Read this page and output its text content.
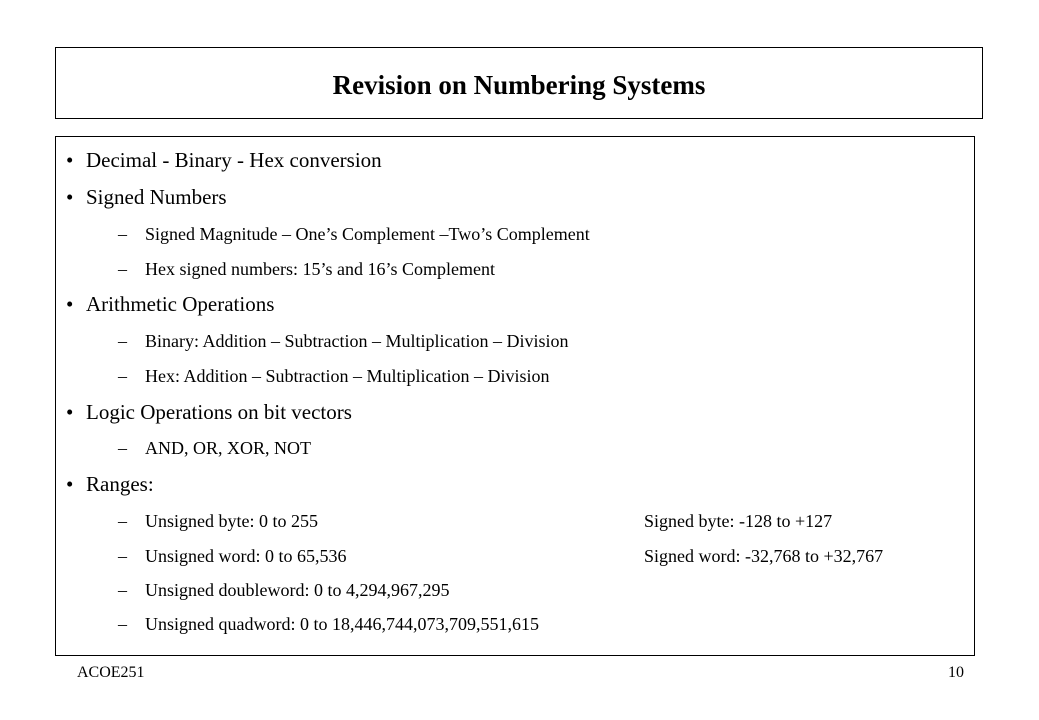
Revision on Numbering Systems
• Decimal - Binary - Hex conversion
• Signed Numbers
– Signed Magnitude – One’s Complement –Two’s Complement
– Hex signed numbers: 15’s and 16’s Complement
• Arithmetic Operations
– Binary: Addition – Subtraction – Multiplication – Division
– Hex: Addition – Subtraction – Multiplication – Division
• Logic Operations on bit vectors
– AND, OR, XOR, NOT
• Ranges:
– Unsigned byte: 0 to 255	Signed byte: -128 to +127
– Unsigned word: 0 to 65,536	Signed word: -32,768 to +32,767
– Unsigned doubleword: 0 to 4,294,967,295
– Unsigned quadword: 0 to 18,446,744,073,709,551,615
ACOE251	10
